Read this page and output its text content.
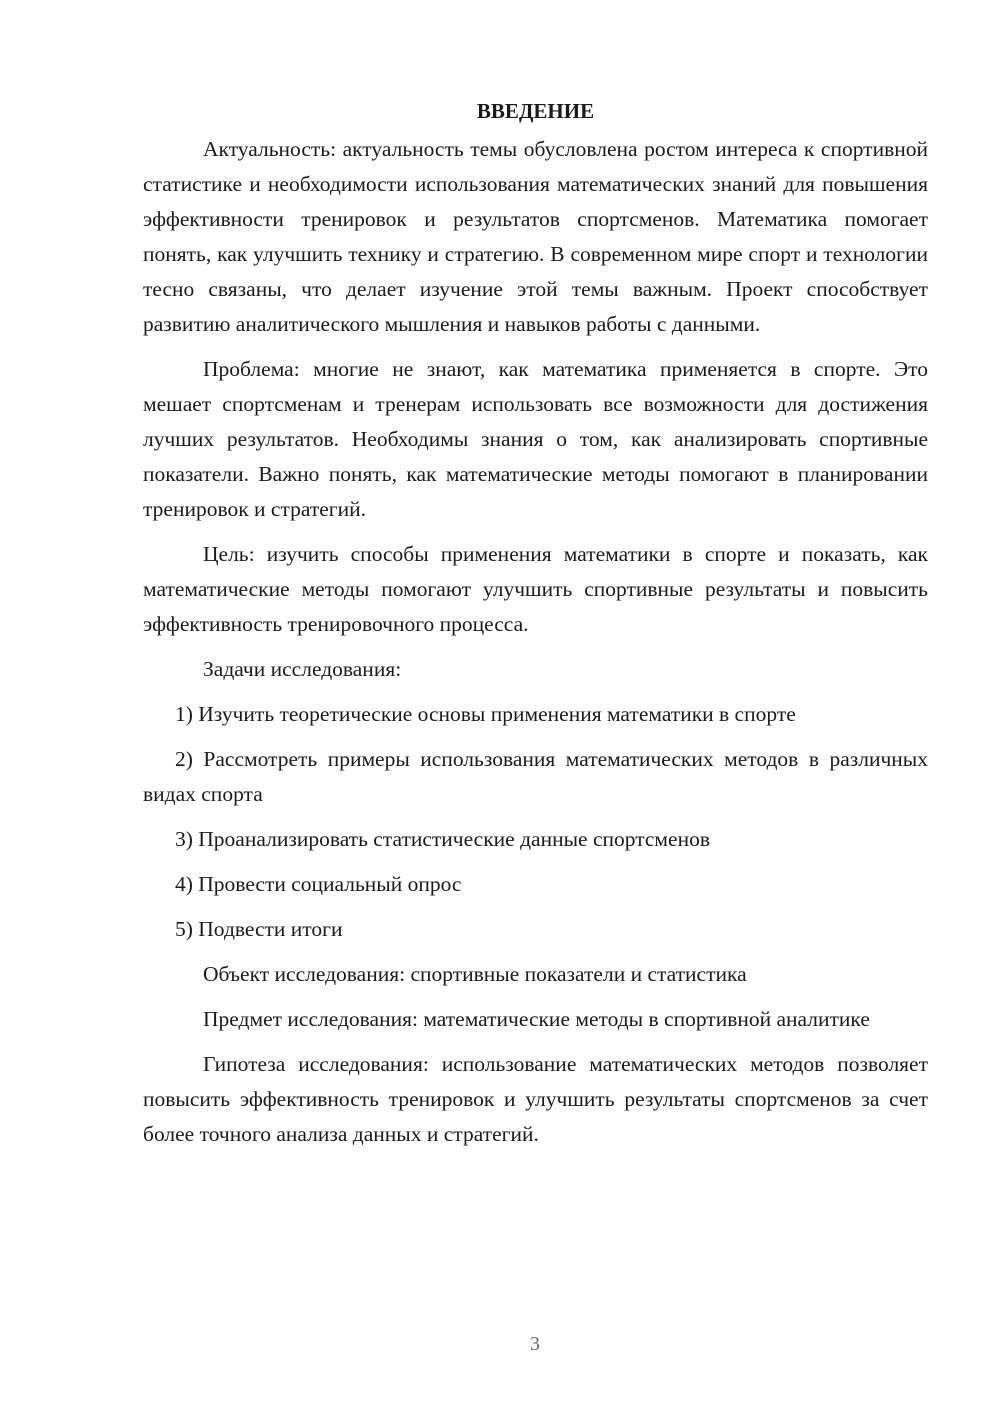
ВВЕДЕНИЕ

Актуальность: актуальность темы обусловлена ростом интереса к спортивной статистике и необходимости использования математических знаний для повышения эффективности тренировок и результатов спортсменов. Математика помогает понять, как улучшить технику и стратегию. В современном мире спорт и технологии тесно связаны, что делает изучение этой темы важным. Проект способствует развитию аналитического мышления и навыков работы с данными.

Проблема: многие не знают, как математика применяется в спорте. Это мешает спортсменам и тренерам использовать все возможности для достижения лучших результатов. Необходимы знания о том, как анализировать спортивные показатели. Важно понять, как математические методы помогают в планировании тренировок и стратегий.

Цель: изучить способы применения математики в спорте и показать, как математические методы помогают улучшить спортивные результаты и повысить эффективность тренировочного процесса.

Задачи исследования:

1) Изучить теоретические основы применения математики в спорте

2) Рассмотреть примеры использования математических методов в различных видах спорта

3) Проанализировать статистические данные спортсменов

4) Провести социальный опрос

5) Подвести итоги

Объект исследования: спортивные показатели и статистика

Предмет исследования: математические методы в спортивной аналитике

Гипотеза исследования: использование математических методов позволяет повысить эффективность тренировок и улучшить результаты спортсменов за счет более точного анализа данных и стратегий.

3
